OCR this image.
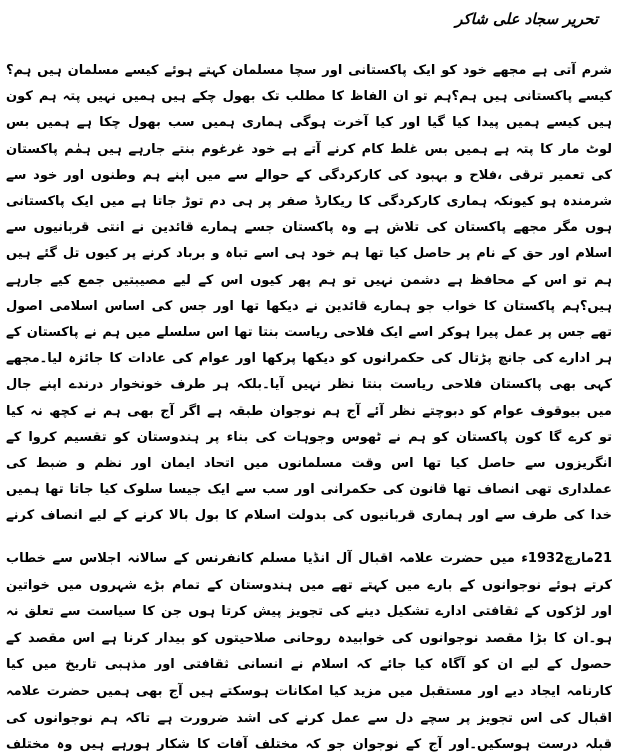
تحریر سجاد علی شاکر

شرم آتی ہے مجھے خود کو ایک پاکستانی اور سچا مسلمان کہتے ہوئے کیسے مسلمان ہیں ہم؟کیسے پاکستانی ہیں ہم؟ہم تو ان الفاظ کا مطلب تک بھول چکے ہیں ہمیں نہیں پتہ ہم کون ہیں کیسے ہمیں پیدا کیا گیا اور کیا آخرت ہوگی ہماری ہمیں سب بھول چکا ہے ہمیں بس لوٹ مار کا پتہ ہے ہمیں بس غلط کام کرنے آتے ہے خود غرغوم بنتے جارہے ہیں ہمٰم پاکستان کی تعمیر ترقی ،فلاح و بہبود کی کارکردگی کے حوالے سے میں اپنے ہم وطنوں اور خود سے شرمندہ ہو کیونکہ ہماری کارکردگی کا ریکارڈ صفر پر ہی دم توڑ جاتا ہے میں ایک پاکستانی ہوں مگر مجھے پاکستان کی تلاش ہے وہ پاکستان جسے ہمارے قائدین نے انتی قربانیوں سے اسلام اور حق کے نام پر حاصل کیا تھا ہم خود ہی اسے تباہ و برباد کرنے پر کیوں تل گئے ہیں ہم تو اس کے محافظ ہے دشمن نہیں تو ہم پھر کیوں اس کے لیے مصیبتیں جمع کیے جارہے ہیں؟ہم پاکستان کا خواب جو ہمارے قائدین نے دیکھا تھا اور جس کی اساس اسلامی اصول تھے جس پر عمل پیرا ہوکر اسے ایک فلاحی ریاست بنتا تھا اس سلسلے میں ہم نے پاکستان کے ہر ادارے کی جانچ پڑتال کی حکمرانوں کو دیکھا پرکھا اور عوام کی عادات کا جائزہ لیا۔مجھے کہی بھی پاکستان فلاحی ریاست بنتا نظر نہیں آیا۔بلکہ ہر طرف خونخوار درندے اپنے جال میں بیوقوف عوام کو دبوچتے نظر آئے آج ہم نوجوان طبقہ ہے اگر آج بھی ہم نے کچھ نہ کیا تو کرے گا کون پاکستان کو ہم نے ٹھوس وجوہات کی بناء پر ہندوستان کو تقسیم کروا کے انگریزوں سے حاصل کیا تھا اس وقت مسلمانوں میں اتحاد ایمان اور نظم و ضبط کی عملداری تھی انصاف تھا قانون کی حکمرانی اور سب سے ایک جیسا سلوک کیا جاتا تھا ہمیں خدا کی طرف سے اور ہماری قربانیوں کی بدولت اسلام کا بول بالا کرنے کے لیے انصاف کرنے

21مارچ1932ء میں حضرت علامہ اقبال آل انڈیا مسلم کانفرنس کے سالانہ اجلاس سے خطاب کرتے ہوئے نوجوانوں کے بارے میں کہتے تھے میں ہندوستان کے تمام بڑے شہروں میں خواتین اور لڑکوں کے ثقافتی ادارے تشکیل دینے کی تجویز پیش کرتا ہوں جن کا سیاست سے تعلق نہ ہو۔ان کا بڑا مقصد نوجوانوں کی خوابیدہ روحانی صلاحیتوں کو بیدار کرنا ہے اس مقصد کے حصول کے لیے ان کو آگاہ کیا جائے کہ اسلام نے انسانی ثقافتی اور مذہبی تاریخ میں کیا کارنامہ ایجاد دیے اور مستقبل میں مزید کیا امکانات ہوسکتے ہیں آج بھی ہمیں حضرت علامہ اقبال کی اس تجویز پر سچے دل سے عمل کرنے کی اشد ضرورت ہے تاکہ ہم نوجوانوں کی قبلہ درست ہوسکیں۔اور آج کے نوجوان جو کہ مختلف آفات کا شکار ہورہے ہیں وہ مختلف
